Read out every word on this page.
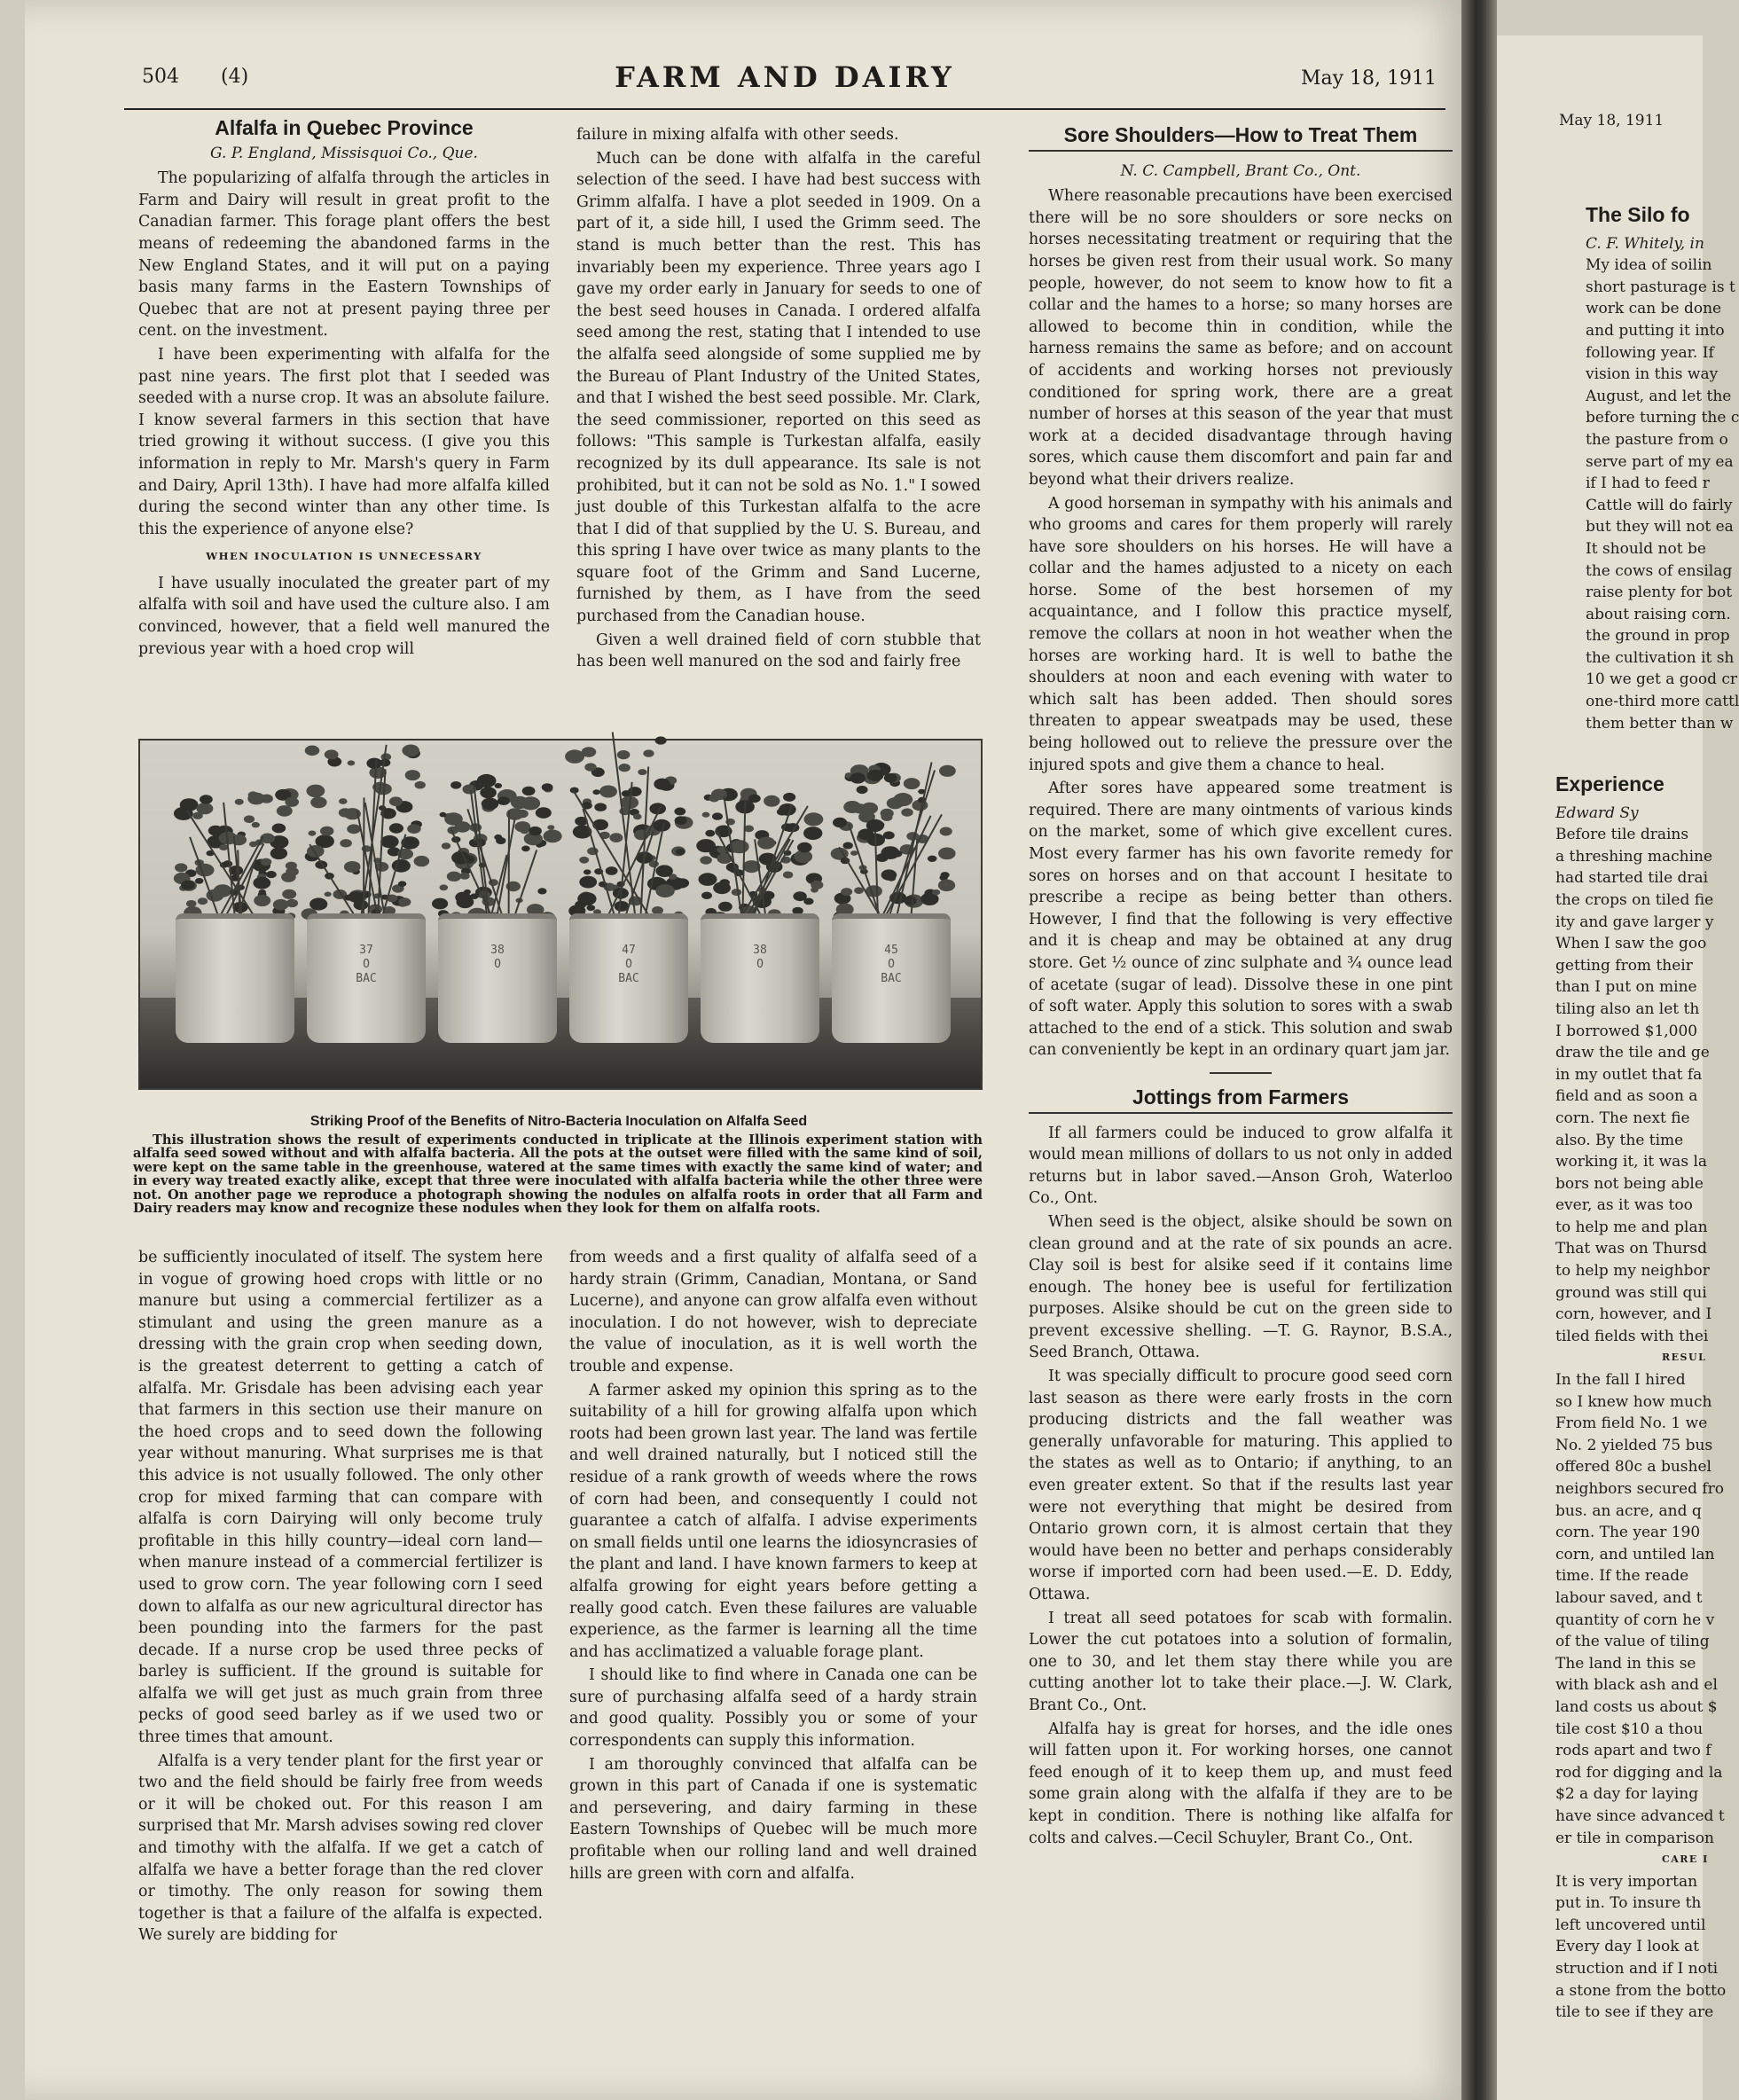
504 (4)	FARM AND DAIRY	May 18, 1911
Alfalfa in Quebec Province
G. P. England, Missisquoi Co., Que.

The popularizing of alfalfa through the articles in Farm and Dairy will result in great profit to the Canadian farmer. This forage plant offers the best means of redeeming the abandoned farms in the New England States, and it will put on a paying basis many farms in the Eastern Townships of Quebec that are not at present paying three per cent. on the investment.

I have been experimenting with alfalfa for the past nine years. The first plot that I seeded was seeded with a nurse crop. It was an absolute failure. I know several farmers in this section that have tried growing it without success. (I give you this information in reply to Mr. Marsh's query in Farm and Dairy, April 13th). I have had more alfalfa killed during the second winter than any other time. Is this the experience of anyone else?

WHEN INOCULATION IS UNNECESSARY

I have usually inoculated the greater part of my alfalfa with soil and have used the culture also. I am convinced, however, that a field well manured the previous year with a hoed crop will

failure in mixing alfalfa with other seeds.

Much can be done with alfalfa in the careful selection of the seed. I have had best success with Grimm alfalfa. I have a plot seeded in 1909. On a part of it, a side hill, I used the Grimm seed. The stand is much better than the rest. This has invariably been my experience. Three years ago I gave my order early in January for seeds to one of the best seed houses in Canada. I ordered alfalfa seed among the rest, stating that I intended to use the alfalfa seed alongside of some supplied me by the Bureau of Plant Industry of the United States, and that I wished the best seed possible. Mr. Clark, the seed commissioner, reported on this seed as follows: "This sample is Turkestan alfalfa, easily recognized by its dull appearance. Its sale is not prohibited, but it can not be sold as No. 1." I sowed just double of this Turkestan alfalfa to the acre that I did of that supplied by the U. S. Bureau, and this spring I have over twice as many plants to the square foot of the Grimm and Sand Lucerne, furnished by them, as I have from the seed purchased from the Canadian house.

Given a well drained field of corn stubble that has been well manured on the sod and fairly free

37
O
BAC
38
O
47
O
BAC
38
O
45
O
BAC
Striking Proof of the Benefits of Nitro-Bacteria Inoculation on Alfalfa Seed

This illustration shows the result of experiments conducted in triplicate at the Illinois experiment station with alfalfa seed sowed without and with alfalfa bacteria. All the pots at the outset were filled with the same kind of soil, were kept on the same table in the greenhouse, watered at the same times with exactly the same kind of water; and in every way treated exactly alike, except that three were inoculated with alfalfa bacteria while the other three were not. On another page we reproduce a photograph showing the nodules on alfalfa roots in order that all Farm and Dairy readers may know and recognize these nodules when they look for them on alfalfa roots.

be sufficiently inoculated of itself. The system here in vogue of growing hoed crops with little or no manure but using a commercial fertilizer as a stimulant and using the green manure as a dressing with the grain crop when seeding down, is the greatest deterrent to getting a catch of alfalfa. Mr. Grisdale has been advising each year that farmers in this section use their manure on the hoed crops and to seed down the following year without manuring. What surprises me is that this advice is not usually followed. The only other crop for mixed farming that can compare with alfalfa is corn Dairying will only become truly profitable in this hilly country—ideal corn land—when manure instead of a commercial fertilizer is used to grow corn. The year following corn I seed down to alfalfa as our new agricultural director has been pounding into the farmers for the past decade. If a nurse crop be used three pecks of barley is sufficient. If the ground is suitable for alfalfa we will get just as much grain from three pecks of good seed barley as if we used two or three times that amount.

Alfalfa is a very tender plant for the first year or two and the field should be fairly free from weeds or it will be choked out. For this reason I am surprised that Mr. Marsh advises sowing red clover and timothy with the alfalfa. If we get a catch of alfalfa we have a better forage than the red clover or timothy. The only reason for sowing them together is that a failure of the alfalfa is expected. We surely are bidding for

from weeds and a first quality of alfalfa seed of a hardy strain (Grimm, Canadian, Montana, or Sand Lucerne), and anyone can grow alfalfa even without inoculation. I do not however, wish to depreciate the value of inoculation, as it is well worth the trouble and expense.

A farmer asked my opinion this spring as to the suitability of a hill for growing alfalfa upon which roots had been grown last year. The land was fertile and well drained naturally, but I noticed still the residue of a rank growth of weeds where the rows of corn had been, and consequently I could not guarantee a catch of alfalfa. I advise experiments on small fields until one learns the idiosyncrasies of the plant and land. I have known farmers to keep at alfalfa growing for eight years before getting a really good catch. Even these failures are valuable experience, as the farmer is learning all the time and has acclimatized a valuable forage plant.

I should like to find where in Canada one can be sure of purchasing alfalfa seed of a hardy strain and good quality. Possibly you or some of your correspondents can supply this information.

I am thoroughly convinced that alfalfa can be grown in this part of Canada if one is systematic and persevering, and dairy farming in these Eastern Townships of Quebec will be much more profitable when our rolling land and well drained hills are green with corn and alfalfa.

Sore Shoulders—How to Treat Them
N. C. Campbell, Brant Co., Ont.

Where reasonable precautions have been exercised there will be no sore shoulders or sore necks on horses necessitating treatment or requiring that the horses be given rest from their usual work. So many people, however, do not seem to know how to fit a collar and the hames to a horse; so many horses are allowed to become thin in condition, while the harness remains the same as before; and on account of accidents and working horses not previously conditioned for spring work, there are a great number of horses at this season of the year that must work at a decided disadvantage through having sores, which cause them discomfort and pain far and beyond what their drivers realize.

A good horseman in sympathy with his animals and who grooms and cares for them properly will rarely have sore shoulders on his horses. He will have a collar and the hames adjusted to a nicety on each horse. Some of the best horsemen of my acquaintance, and I follow this practice myself, remove the collars at noon in hot weather when the horses are working hard. It is well to bathe the shoulders at noon and each evening with water to which salt has been added. Then should sores threaten to appear sweatpads may be used, these being hollowed out to relieve the pressure over the injured spots and give them a chance to heal.

After sores have appeared some treatment is required. There are many ointments of various kinds on the market, some of which give excellent cures. Most every farmer has his own favorite remedy for sores on horses and on that account I hesitate to prescribe a recipe as being better than others. However, I find that the following is very effective and it is cheap and may be obtained at any drug store. Get ½ ounce of zinc sulphate and ¾ ounce lead of acetate (sugar of lead). Dissolve these in one pint of soft water. Apply this solution to sores with a swab attached to the end of a stick. This solution and swab can conveniently be kept in an ordinary quart jam jar.

Jottings from Farmers

If all farmers could be induced to grow alfalfa it would mean millions of dollars to us not only in added returns but in labor saved.—Anson Groh, Waterloo Co., Ont.

When seed is the object, alsike should be sown on clean ground and at the rate of six pounds an acre. Clay soil is best for alsike seed if it contains lime enough. The honey bee is useful for fertilization purposes. Alsike should be cut on the green side to prevent excessive shelling. —T. G. Raynor, B.S.A., Seed Branch, Ottawa.

It was specially difficult to procure good seed corn last season as there were early frosts in the corn producing districts and the fall weather was generally unfavorable for maturing. This applied to the states as well as to Ontario; if anything, to an even greater extent. So that if the results last year were not everything that might be desired from Ontario grown corn, it is almost certain that they would have been no better and perhaps considerably worse if imported corn had been used.—E. D. Eddy, Ottawa.

I treat all seed potatoes for scab with formalin. Lower the cut potatoes into a solution of formalin, one to 30, and let them stay there while you are cutting another lot to take their place.—J. W. Clark, Brant Co., Ont.

Alfalfa hay is great for horses, and the idle ones will fatten upon it. For working horses, one cannot feed enough of it to keep them up, and must feed some grain along with the alfalfa if they are to be kept in condition. There is nothing like alfalfa for colts and calves.—Cecil Schuyler, Brant Co., Ont.

May 18, 1911
The Silo fo
C. F. Whitely, in
My idea of soilin
short pasturage is t
work can be done
and putting it into
following year. If
vision in this way
August, and let the
before turning the c
the pasture from o
serve part of my ea
if I had to feed r
Cattle will do fairly
but they will not ea
It should not be
the cows of ensilag
raise plenty for bot
about raising corn.
the ground in prop
the cultivation it sh
10 we get a good cr
one-third more cattl
them better than w
Experience
Edward Sy
Before tile drains
a threshing machine
had started tile drai
the crops on tiled fie
ity and gave larger y
When I saw the goo
getting from their
than I put on mine
tiling also an let th
I borrowed $1,000
draw the tile and ge
in my outlet that fa
field and as soon a
corn. The next fie
also. By the time
working it, it was la
bors not being able
ever, as it was too
to help me and plan
That was on Thursd
to help my neighbor
ground was still qui
corn, however, and I
tiled fields with thei
RESUL
In the fall I hired
so I knew how much
From field No. 1 we
No. 2 yielded 75 bus
offered 80c a bushel
neighbors secured fro
bus. an acre, and q
corn. The year 190
corn, and untiled lan
time. If the reade
labour saved, and t
quantity of corn he v
of the value of tiling
The land in this se
with black ash and el
land costs us about $
tile cost $10 a thou
rods apart and two f
rod for digging and la
$2 a day for laying
have since advanced t
er tile in comparison
CARE I
It is very importan
put in. To insure th
left uncovered until
Every day I look at
struction and if I noti
a stone from the botto
tile to see if they are
